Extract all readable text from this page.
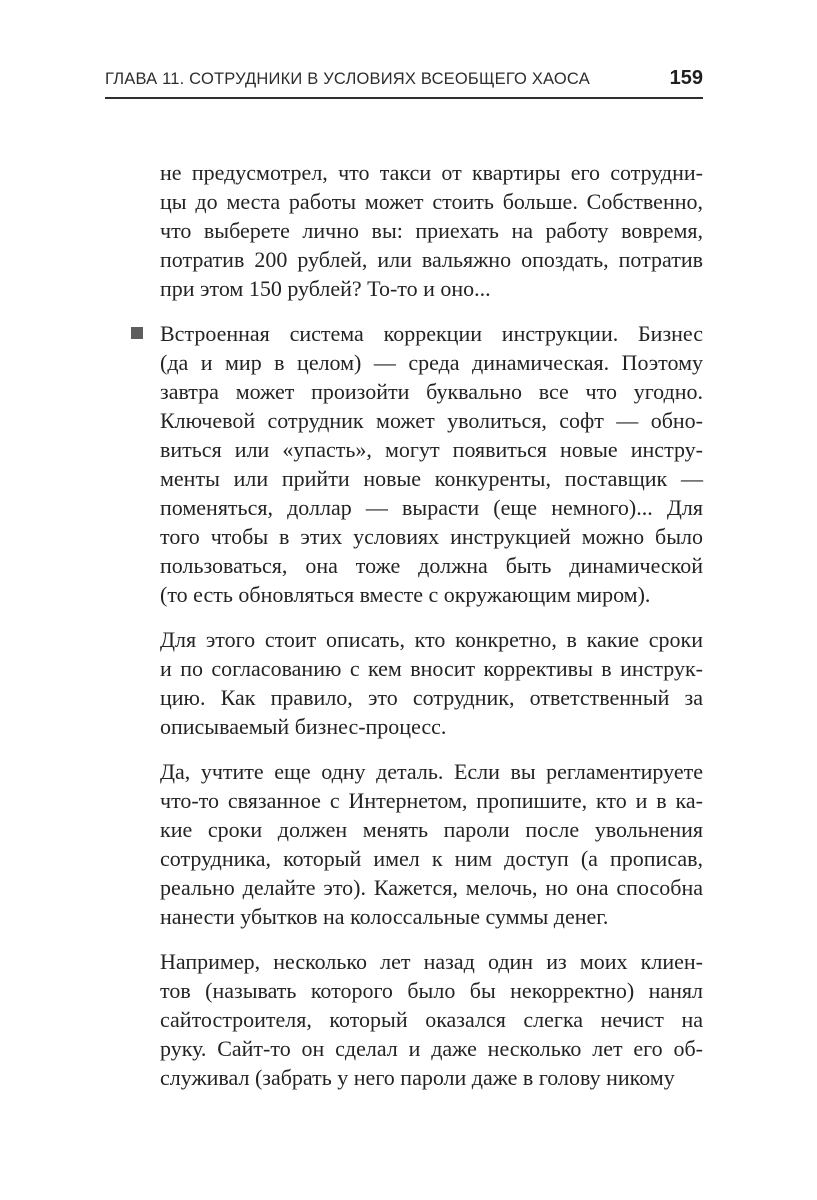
ГЛАВА 11. СОТРУДНИКИ В УСЛОВИЯХ ВСЕОБЩЕГО ХАОСА	159
не предусмотрел, что такси от квартиры его сотрудни-
цы до места работы может стоить больше. Собственно,
что выберете лично вы: приехать на работу вовремя,
потратив 200 рублей, или вальяжно опоздать, потратив
при этом 150 рублей? То-то и оно...
Встроенная система коррекции инструкции. Бизнес
(да и мир в целом) — среда динамическая. Поэтому
завтра может произойти буквально все что угодно.
Ключевой сотрудник может уволиться, софт — обно-
виться или «упасть», могут появиться новые инстру-
менты или прийти новые конкуренты, поставщик —
поменяться, доллар — вырасти (еще немного)... Для
того чтобы в этих условиях инструкцией можно было
пользоваться, она тоже должна быть динамической
(то есть обновляться вместе с окружающим миром).
Для этого стоит описать, кто конкретно, в какие сроки
и по согласованию с кем вносит коррективы в инструк-
цию. Как правило, это сотрудник, ответственный за
описываемый бизнес-процесс.
Да, учтите еще одну деталь. Если вы регламентируете
что-то связанное с Интернетом, пропишите, кто и в ка-
кие сроки должен менять пароли после увольнения
сотрудника, который имел к ним доступ (а прописав,
реально делайте это). Кажется, мелочь, но она способна
нанести убытков на колоссальные суммы денег.
Например, несколько лет назад один из моих клиен-
тов (называть которого было бы некорректно) нанял
сайтостроителя, который оказался слегка нечист на
руку. Сайт-то он сделал и даже несколько лет его об-
служивал (забрать у него пароли даже в голову никому
